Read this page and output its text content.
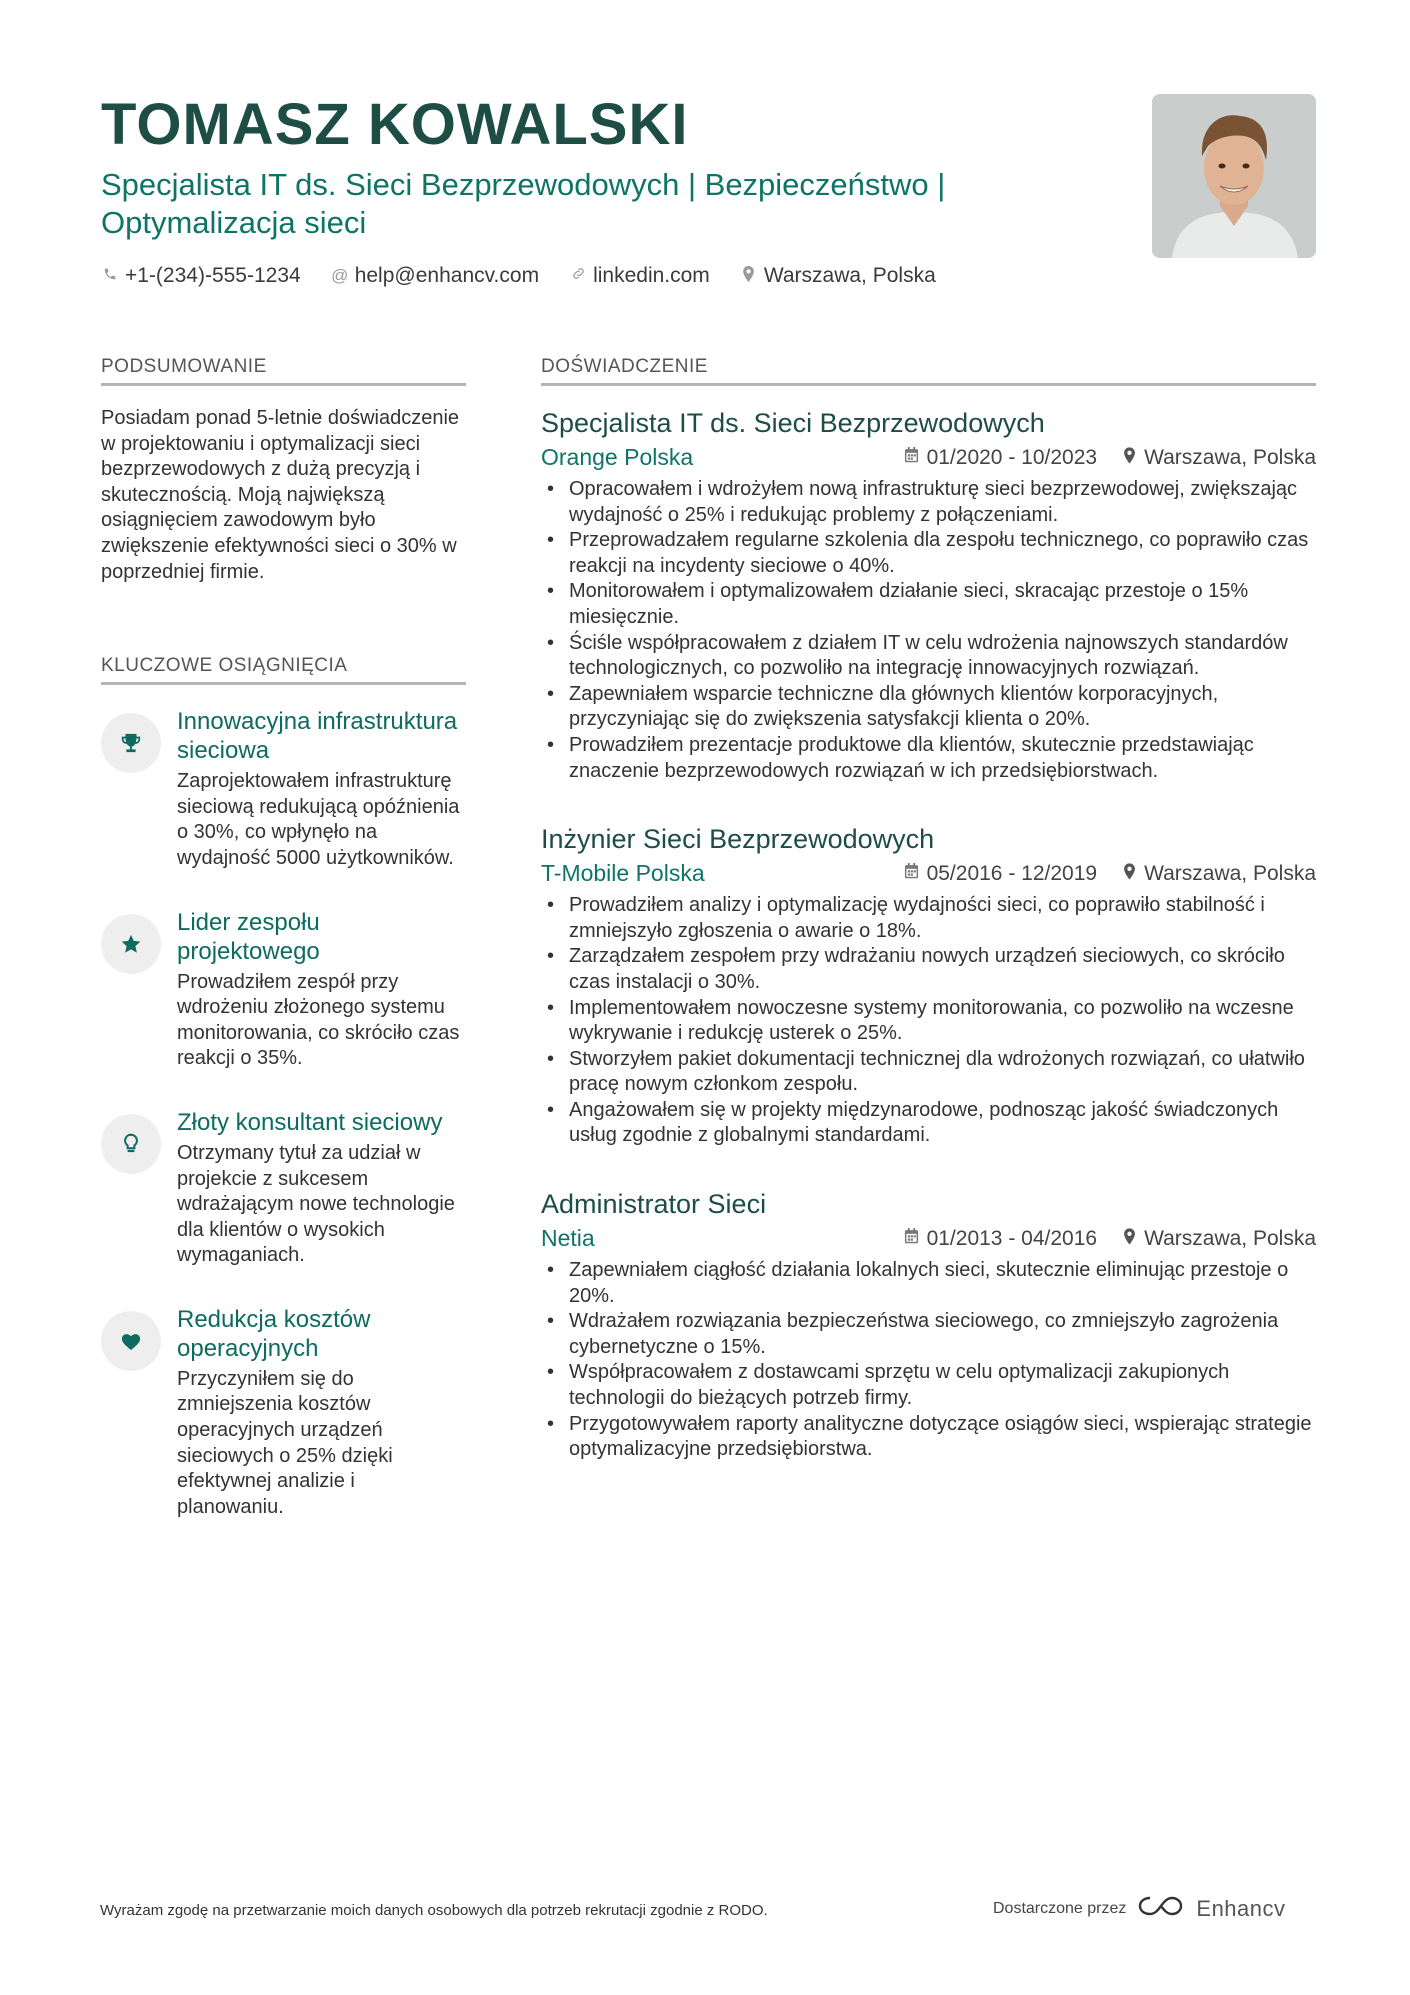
TOMASZ KOWALSKI
Specjalista IT ds. Sieci Bezprzewodowych | Bezpieczeństwo | Optymalizacja sieci
+1-(234)-555-1234 @ help@enhancv.com	linkedin.com	Warszawa, Polska
PODSUMOWANIE
Posiadam ponad 5-letnie doświadczenie w projektowaniu i optymalizacji sieci bezprzewodowych z dużą precyzją i skutecznością. Moją największą osiągnięciem zawodowym było zwiększenie efektywności sieci o 30% w poprzedniej firmie.
KLUCZOWE OSIĄGNIĘCIA
Innowacyjna infrastruktura sieciowa
Zaprojektowałem infrastrukturę sieciową redukującą opóźnienia o 30%, co wpłynęło na wydajność 5000 użytkowników.
Lider zespołu projektowego
Prowadziłem zespół przy wdrożeniu złożonego systemu monitorowania, co skróciło czas reakcji o 35%.
Złoty konsultant sieciowy
Otrzymany tytuł za udział w projekcie z sukcesem wdrażającym nowe technologie dla klientów o wysokich wymaganiach.
Redukcja kosztów operacyjnych
Przyczyniłem się do zmniejszenia kosztów operacyjnych urządzeń sieciowych o 25% dzięki efektywnej analizie i planowaniu.
DOŚWIADCZENIE
Specjalista IT ds. Sieci Bezprzewodowych
Orange Polska	01/2020 - 10/2023 Warszawa, Polska
• Opracowałem i wdrożyłem nową infrastrukturę sieci bezprzewodowej, zwiększając wydajność o 25% i redukując problemy z połączeniami.
• Przeprowadzałem regularne szkolenia dla zespołu technicznego, co poprawiło czas reakcji na incydenty sieciowe o 40%.
• Monitorowałem i optymalizowałem działanie sieci, skracając przestoje o 15% miesięcznie.
• Ściśle współpracowałem z działem IT w celu wdrożenia najnowszych standardów technologicznych, co pozwoliło na integrację innowacyjnych rozwiązań.
• Zapewniałem wsparcie techniczne dla głównych klientów korporacyjnych, przyczyniając się do zwiększenia satysfakcji klienta o 20%.
• Prowadziłem prezentacje produktowe dla klientów, skutecznie przedstawiając znaczenie bezprzewodowych rozwiązań w ich przedsiębiorstwach.
Inżynier Sieci Bezprzewodowych
T-Mobile Polska	05/2016 - 12/2019 Warszawa, Polska
• Prowadziłem analizy i optymalizację wydajności sieci, co poprawiło stabilność i zmniejszyło zgłoszenia o awarie o 18%.
• Zarządzałem zespołem przy wdrażaniu nowych urządzeń sieciowych, co skróciło czas instalacji o 30%.
• Implementowałem nowoczesne systemy monitorowania, co pozwoliło na wczesne wykrywanie i redukcję usterek o 25%.
• Stworzyłem pakiet dokumentacji technicznej dla wdrożonych rozwiązań, co ułatwiło pracę nowym członkom zespołu.
• Angażowałem się w projekty międzynarodowe, podnosząc jakość świadczonych usług zgodnie z globalnymi standardami.
Administrator Sieci
Netia	01/2013 - 04/2016 Warszawa, Polska
• Zapewniałem ciągłość działania lokalnych sieci, skutecznie eliminując przestoje o 20%.
• Wdrażałem rozwiązania bezpieczeństwa sieciowego, co zmniejszyło zagrożenia cybernetyczne o 15%.
• Współpracowałem z dostawcami sprzętu w celu optymalizacji zakupionych technologii do bieżących potrzeb firmy.
• Przygotowywałem raporty analityczne dotyczące osiągów sieci, wspierając strategie optymalizacyjne przedsiębiorstwa.
Wyrażam zgodę na przetwarzanie moich danych osobowych dla potrzeb rekrutacji zgodnie z RODO.	Dostarczone przez	Enhancv
